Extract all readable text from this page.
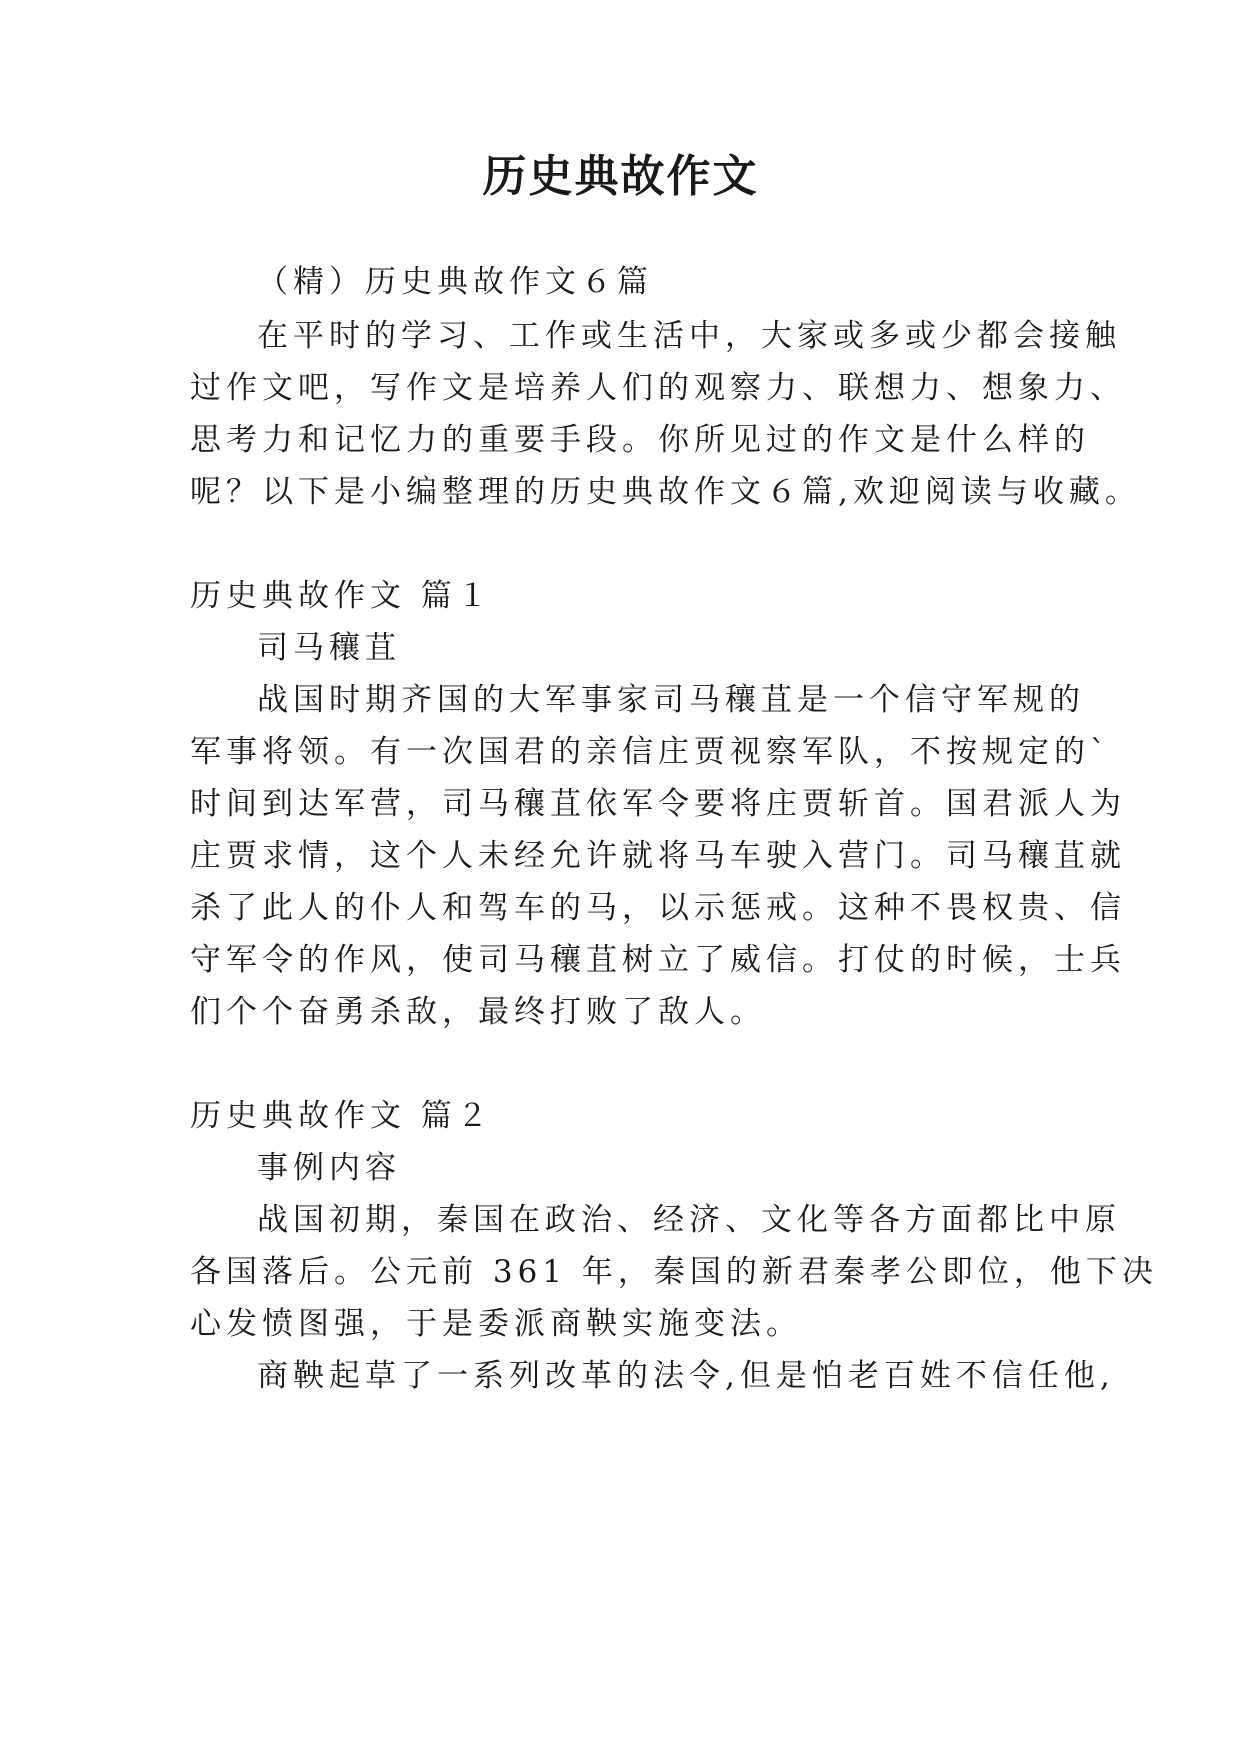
历史典故作文
（精）历史典故作文６篇
在平时的学习、工作或生活中，大家或多或少都会接触
过作文吧，写作文是培养人们的观察力、联想力、想象力、
思考力和记忆力的重要手段。你所见过的作文是什么样的
呢？以下是小编整理的历史典故作文６篇,欢迎阅读与收藏。
历史典故作文 篇１
司马穰苴
战国时期齐国的大军事家司马穰苴是一个信守军规的
军事将领。有一次国君的亲信庄贾视察军队，不按规定的`
时间到达军营，司马穰苴依军令要将庄贾斩首。国君派人为
庄贾求情，这个人未经允许就将马车驶入营门。司马穰苴就
杀了此人的仆人和驾车的马，以示惩戒。这种不畏权贵、信
守军令的作风，使司马穰苴树立了威信。打仗的时候，士兵
们个个奋勇杀敌，最终打败了敌人。
历史典故作文 篇２
事例内容
战国初期，秦国在政治、经济、文化等各方面都比中原
各国落后。公元前 361 年，秦国的新君秦孝公即位，他下决
心发愤图强，于是委派商鞅实施变法。
商鞅起草了一系列改革的法令,但是怕老百姓不信任他,
